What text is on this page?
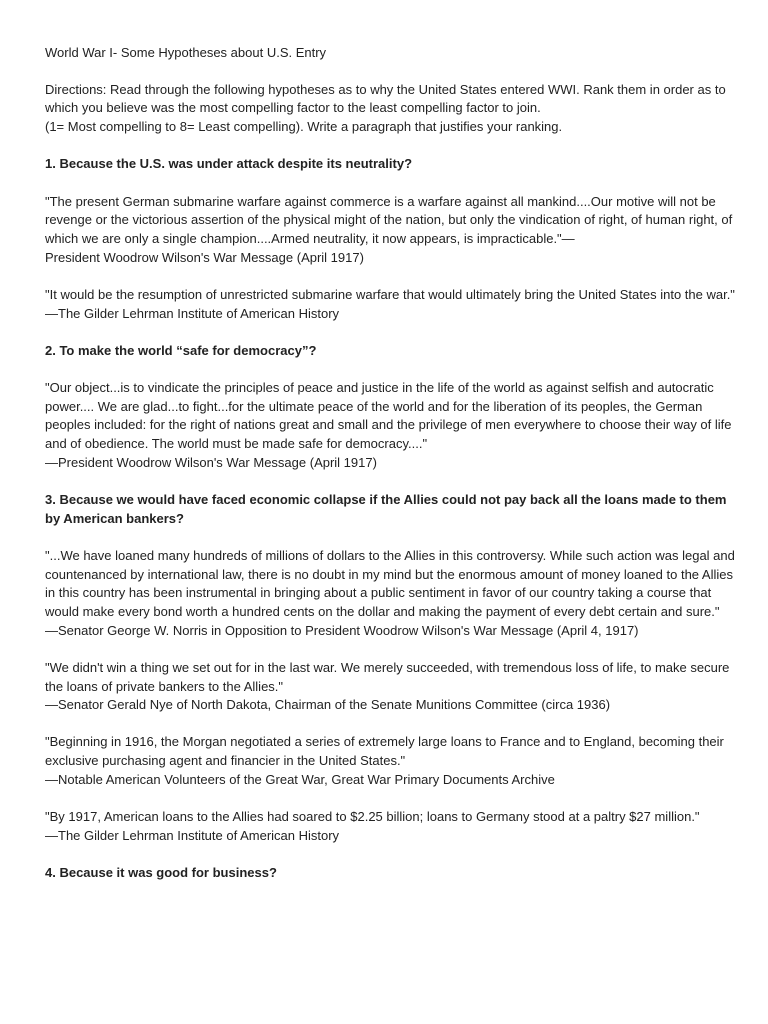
World War I- Some Hypotheses about U.S. Entry

Directions: Read through the following hypotheses as to why the United States entered WWI. Rank them in order as to which you believe was the most compelling factor to the least compelling factor to join.
(1= Most compelling to 8= Least compelling). Write a paragraph that justifies your ranking.

1. Because the U.S. was under attack despite its neutrality?

"The present German submarine warfare against commerce is a warfare against all mankind....Our motive will not be revenge or the victorious assertion of the physical might of the nation, but only the vindication of right, of human right, of which we are only a single champion....Armed neutrality, it now appears, is impracticable."—

President Woodrow Wilson's War Message (April 1917)

"It would be the resumption of unrestricted submarine warfare that would ultimately bring the United States into the war."

—The Gilder Lehrman Institute of American History

2. To make the world “safe for democracy”?

"Our object...is to vindicate the principles of peace and justice in the life of the world as against selfish and autocratic power.... We are glad...to fight...for the ultimate peace of the world and for the liberation of its peoples, the German peoples included: for the right of nations great and small and the privilege of men everywhere to choose their way of life and of obedience. The world must be made safe for democracy...."

—President Woodrow Wilson's War Message (April 1917)

3. Because we would have faced economic collapse if the Allies could not pay back all the loans made to them by American bankers?

"...We have loaned many hundreds of millions of dollars to the Allies in this controversy. While such action was legal and countenanced by international law, there is no doubt in my mind but the enormous amount of money loaned to the Allies in this country has been instrumental in bringing about a public sentiment in favor of our country taking a course that would make every bond worth a hundred cents on the dollar and making the payment of every debt certain and sure."

—Senator George W. Norris in Opposition to President Woodrow Wilson's War Message (April 4, 1917)

"We didn't win a thing we set out for in the last war. We merely succeeded, with tremendous loss of life, to make secure the loans of private bankers to the Allies."

—Senator Gerald Nye of North Dakota, Chairman of the Senate Munitions Committee (circa 1936)

"Beginning in 1916, the Morgan negotiated a series of extremely large loans to France and to England, becoming their exclusive purchasing agent and financier in the United States."

—Notable American Volunteers of the Great War, Great War Primary Documents Archive

"By 1917, American loans to the Allies had soared to $2.25 billion; loans to Germany stood at a paltry $27 million."

—The Gilder Lehrman Institute of American History

4. Because it was good for business?
